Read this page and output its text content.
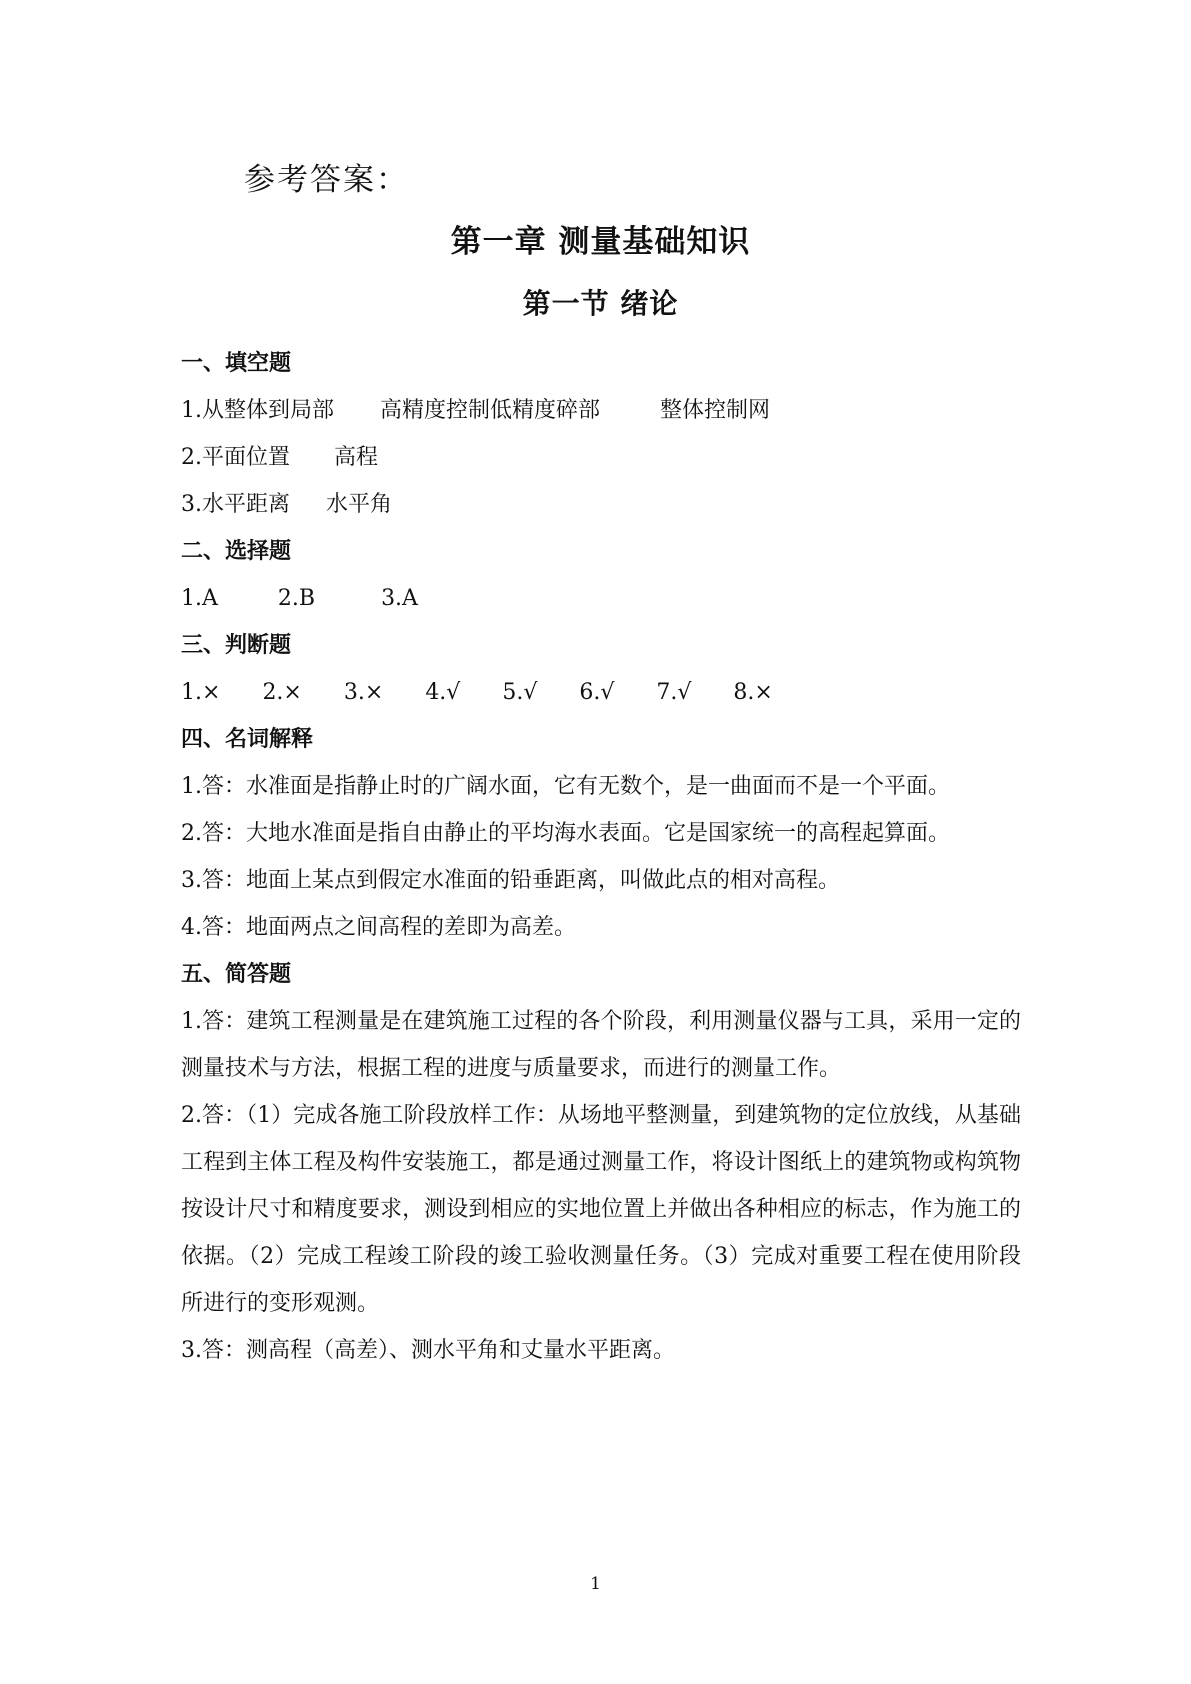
参考答案：
第一章 测量基础知识
第一节 绪论
一、填空题
1.从整体到局部 高精度控制低精度碎部	整体控制网
2.平面位置 高程
3.水平距离 水平角
二、选择题
1.A	2.B	3.A
三、判断题
1.× 2.× 3.× 4.√ 5.√ 6.√ 7.√ 8.×
四、名词解释
1.答：水准面是指静止时的广阔水面，它有无数个，是一曲面而不是一个平面。
2.答：大地水准面是指自由静止的平均海水表面。它是国家统一的高程起算面。
3.答：地面上某点到假定水准面的铅垂距离，叫做此点的相对高程。
4.答：地面两点之间高程的差即为高差。
五、简答题

1.答：建筑工程测量是在建筑施工过程的各个阶段，利用测量仪器与工具，采用一定的测量技术与方法，根据工程的进度与质量要求，而进行的测量工作。

2.答：（1）完成各施工阶段放样工作：从场地平整测量，到建筑物的定位放线，从基础工程到主体工程及构件安装施工，都是通过测量工作，将设计图纸上的建筑物或构筑物按设计尺寸和精度要求，测设到相应的实地位置上并做出各种相应的标志，作为施工的依据。（2）完成工程竣工阶段的竣工验收测量任务。（3）完成对重要工程在使用阶段所进行的变形观测。

3.答：测高程（高差）、测水平角和丈量水平距离。

1
